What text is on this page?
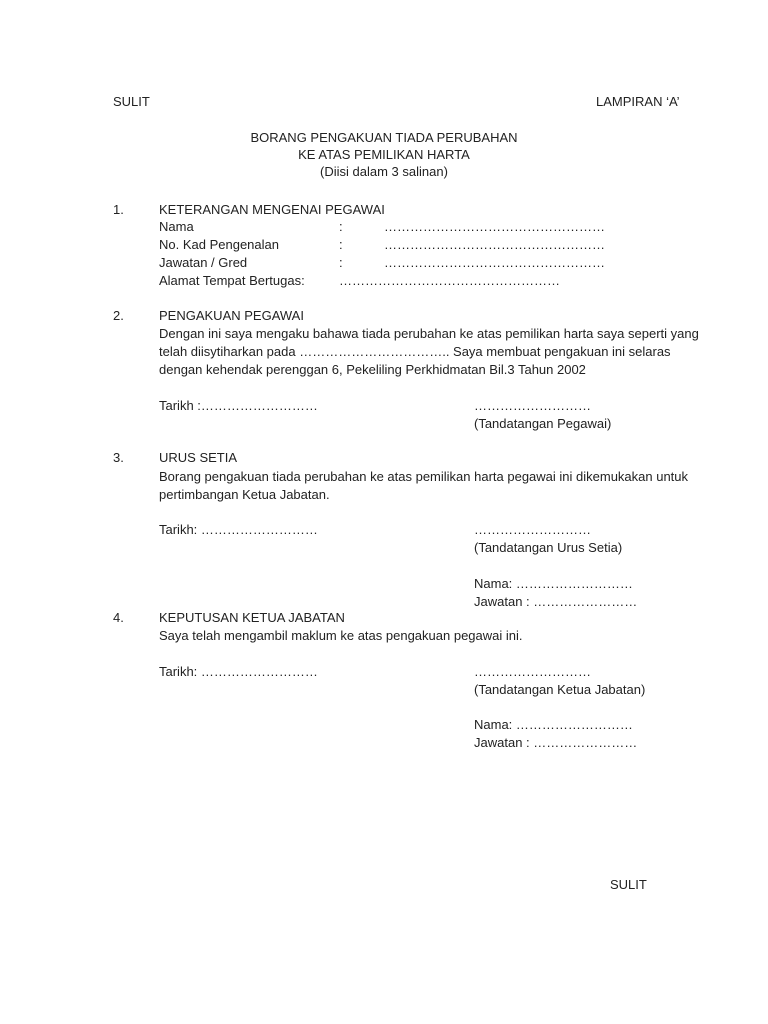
SULIT	LAMPIRAN ‘A’
BORANG PENGAKUAN TIADA PERUBAHAN
KE ATAS PEMILIKAN HARTA
(Diisi dalam 3 salinan)
1.	KETERANGAN MENGENAI PEGAWAI
Nama	:	……………………………………………
No. Kad Pengenalan	:	……………………………………………
Jawatan / Gred	:	……………………………………………
Alamat Tempat Bertugas:	……………………………………………
2.	PENGAKUAN PEGAWAI
Dengan ini saya mengaku bahawa tiada perubahan ke atas pemilikan harta saya seperti yang
telah diisytiharkan pada …………………………….. Saya membuat pengakuan ini selaras
dengan kehendak perenggan 6, Pekeliling Perkhidmatan Bil.3 Tahun 2002
Tarikh :………………………	………………………
(Tandatangan Pegawai)
3.	URUS SETIA
Borang pengakuan tiada perubahan ke atas pemilikan harta pegawai ini dikemukakan untuk
pertimbangan Ketua Jabatan.
Tarikh: ………………………	………………………
(Tandatangan Urus Setia)
Nama: ………………………
Jawatan : ……………………
4.	KEPUTUSAN KETUA JABATAN
Saya telah mengambil maklum ke atas pengakuan pegawai ini.
Tarikh: ………………………	………………………
(Tandatangan Ketua Jabatan)
Nama: ………………………
Jawatan : ……………………
SULIT
